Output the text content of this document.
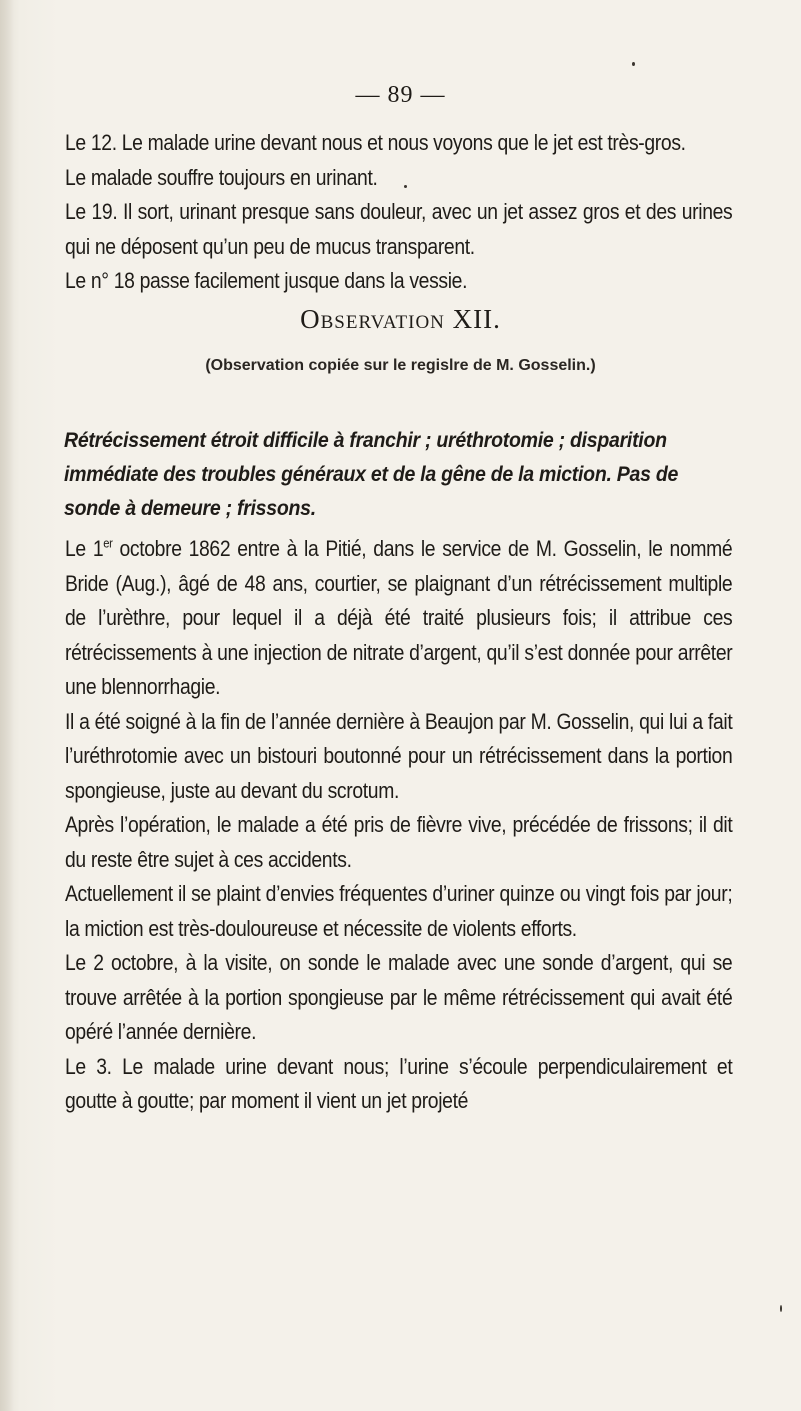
— 89 —

Le 12. Le malade urine devant nous et nous voyons que le jet est très-gros.

Le malade souffre toujours en urinant.

Le 19. Il sort, urinant presque sans douleur, avec un jet assez gros et des urines qui ne déposent qu’un peu de mucus transparent.

Le n° 18 passe facilement jusque dans la vessie.

Observation XII.
(Observation copiée sur le regislre de M. Gosselin.)
Rétrécissement étroit difficile à franchir ; uréthrotomie ; disparition immédiate des troubles généraux et de la gêne de la miction. Pas de sonde à demeure ; frissons.

Le 1er octobre 1862 entre à la Pitié, dans le service de M. Gosselin, le nommé Bride (Aug.), âgé de 48 ans, courtier, se plaignant d’un rétrécissement multiple de l’urèthre, pour lequel il a déjà été traité plusieurs fois; il attribue ces rétrécissements à une injection de nitrate d’argent, qu’il s’est donnée pour arrêter une blennorrhagie.

Il a été soigné à la fin de l’année dernière à Beaujon par M. Gosselin, qui lui a fait l’uréthrotomie avec un bistouri boutonné pour un rétrécissement dans la portion spongieuse, juste au devant du scrotum.

Après l’opération, le malade a été pris de fièvre vive, précédée de frissons; il dit du reste être sujet à ces accidents.

Actuellement il se plaint d’envies fréquentes d’uriner quinze ou vingt fois par jour; la miction est très-douloureuse et nécessite de violents efforts.

Le 2 octobre, à la visite, on sonde le malade avec une sonde d’argent, qui se trouve arrêtée à la portion spongieuse par le même rétrécissement qui avait été opéré l’année dernière.

Le 3. Le malade urine devant nous; l’urine s’écoule perpendiculairement et goutte à goutte; par moment il vient un jet projeté
